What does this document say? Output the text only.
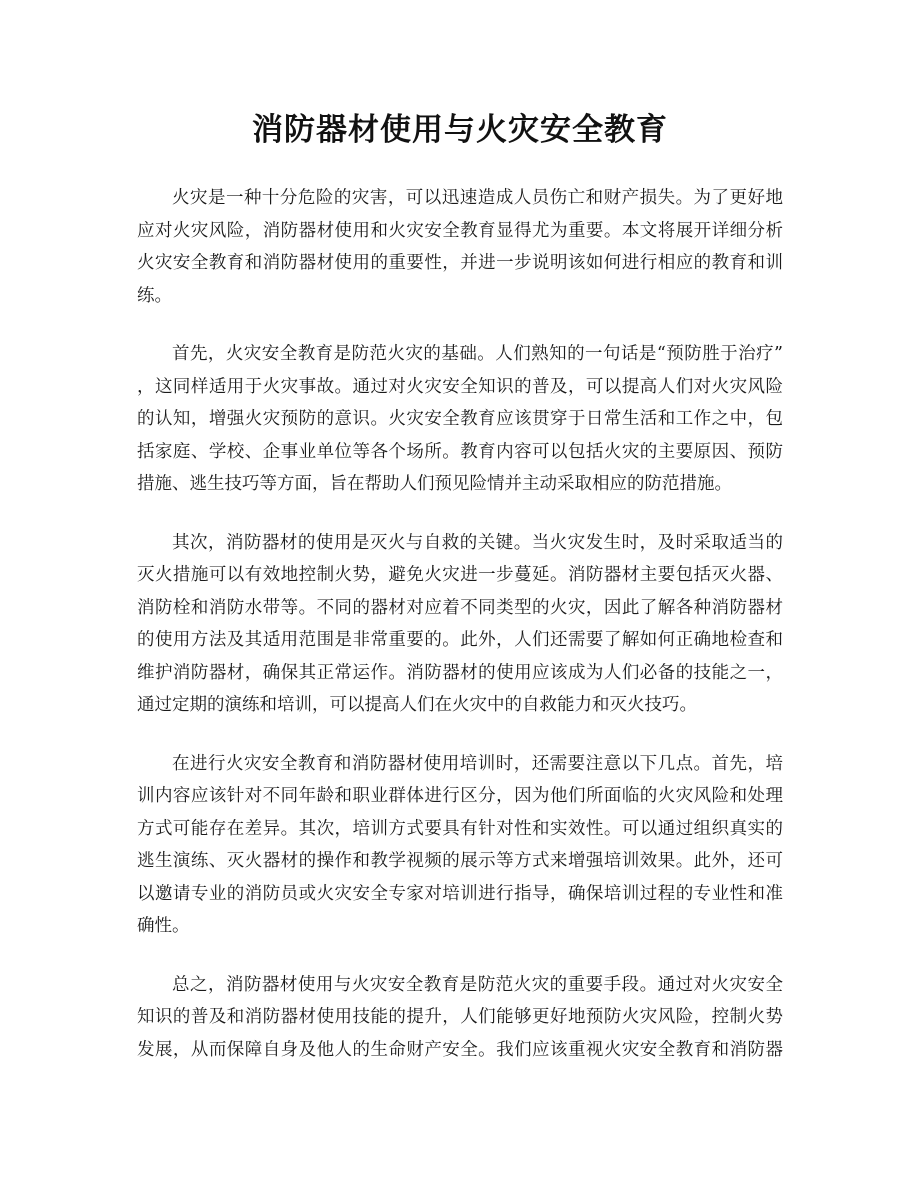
消防器材使用与火灾安全教育
火灾是一种十分危险的灾害，可以迅速造成人员伤亡和财产损失。为了更好地
应对火灾风险，消防器材使用和火灾安全教育显得尤为重要。本文将展开详细分析
火灾安全教育和消防器材使用的重要性，并进一步说明该如何进行相应的教育和训
练。
首先，火灾安全教育是防范火灾的基础。人们熟知的一句话是“预防胜于治疗”
，这同样适用于火灾事故。通过对火灾安全知识的普及，可以提高人们对火灾风险
的认知，增强火灾预防的意识。火灾安全教育应该贯穿于日常生活和工作之中，包
括家庭、学校、企事业单位等各个场所。教育内容可以包括火灾的主要原因、预防
措施、逃生技巧等方面，旨在帮助人们预见险情并主动采取相应的防范措施。
其次，消防器材的使用是灭火与自救的关键。当火灾发生时，及时采取适当的
灭火措施可以有效地控制火势，避免火灾进一步蔓延。消防器材主要包括灭火器、
消防栓和消防水带等。不同的器材对应着不同类型的火灾，因此了解各种消防器材
的使用方法及其适用范围是非常重要的。此外，人们还需要了解如何正确地检查和
维护消防器材，确保其正常运作。消防器材的使用应该成为人们必备的技能之一，
通过定期的演练和培训，可以提高人们在火灾中的自救能力和灭火技巧。
在进行火灾安全教育和消防器材使用培训时，还需要注意以下几点。首先，培
训内容应该针对不同年龄和职业群体进行区分，因为他们所面临的火灾风险和处理
方式可能存在差异。其次，培训方式要具有针对性和实效性。可以通过组织真实的
逃生演练、灭火器材的操作和教学视频的展示等方式来增强培训效果。此外，还可
以邀请专业的消防员或火灾安全专家对培训进行指导，确保培训过程的专业性和准
确性。
总之，消防器材使用与火灾安全教育是防范火灾的重要手段。通过对火灾安全
知识的普及和消防器材使用技能的提升，人们能够更好地预防火灾风险，控制火势
发展，从而保障自身及他人的生命财产安全。我们应该重视火灾安全教育和消防器
